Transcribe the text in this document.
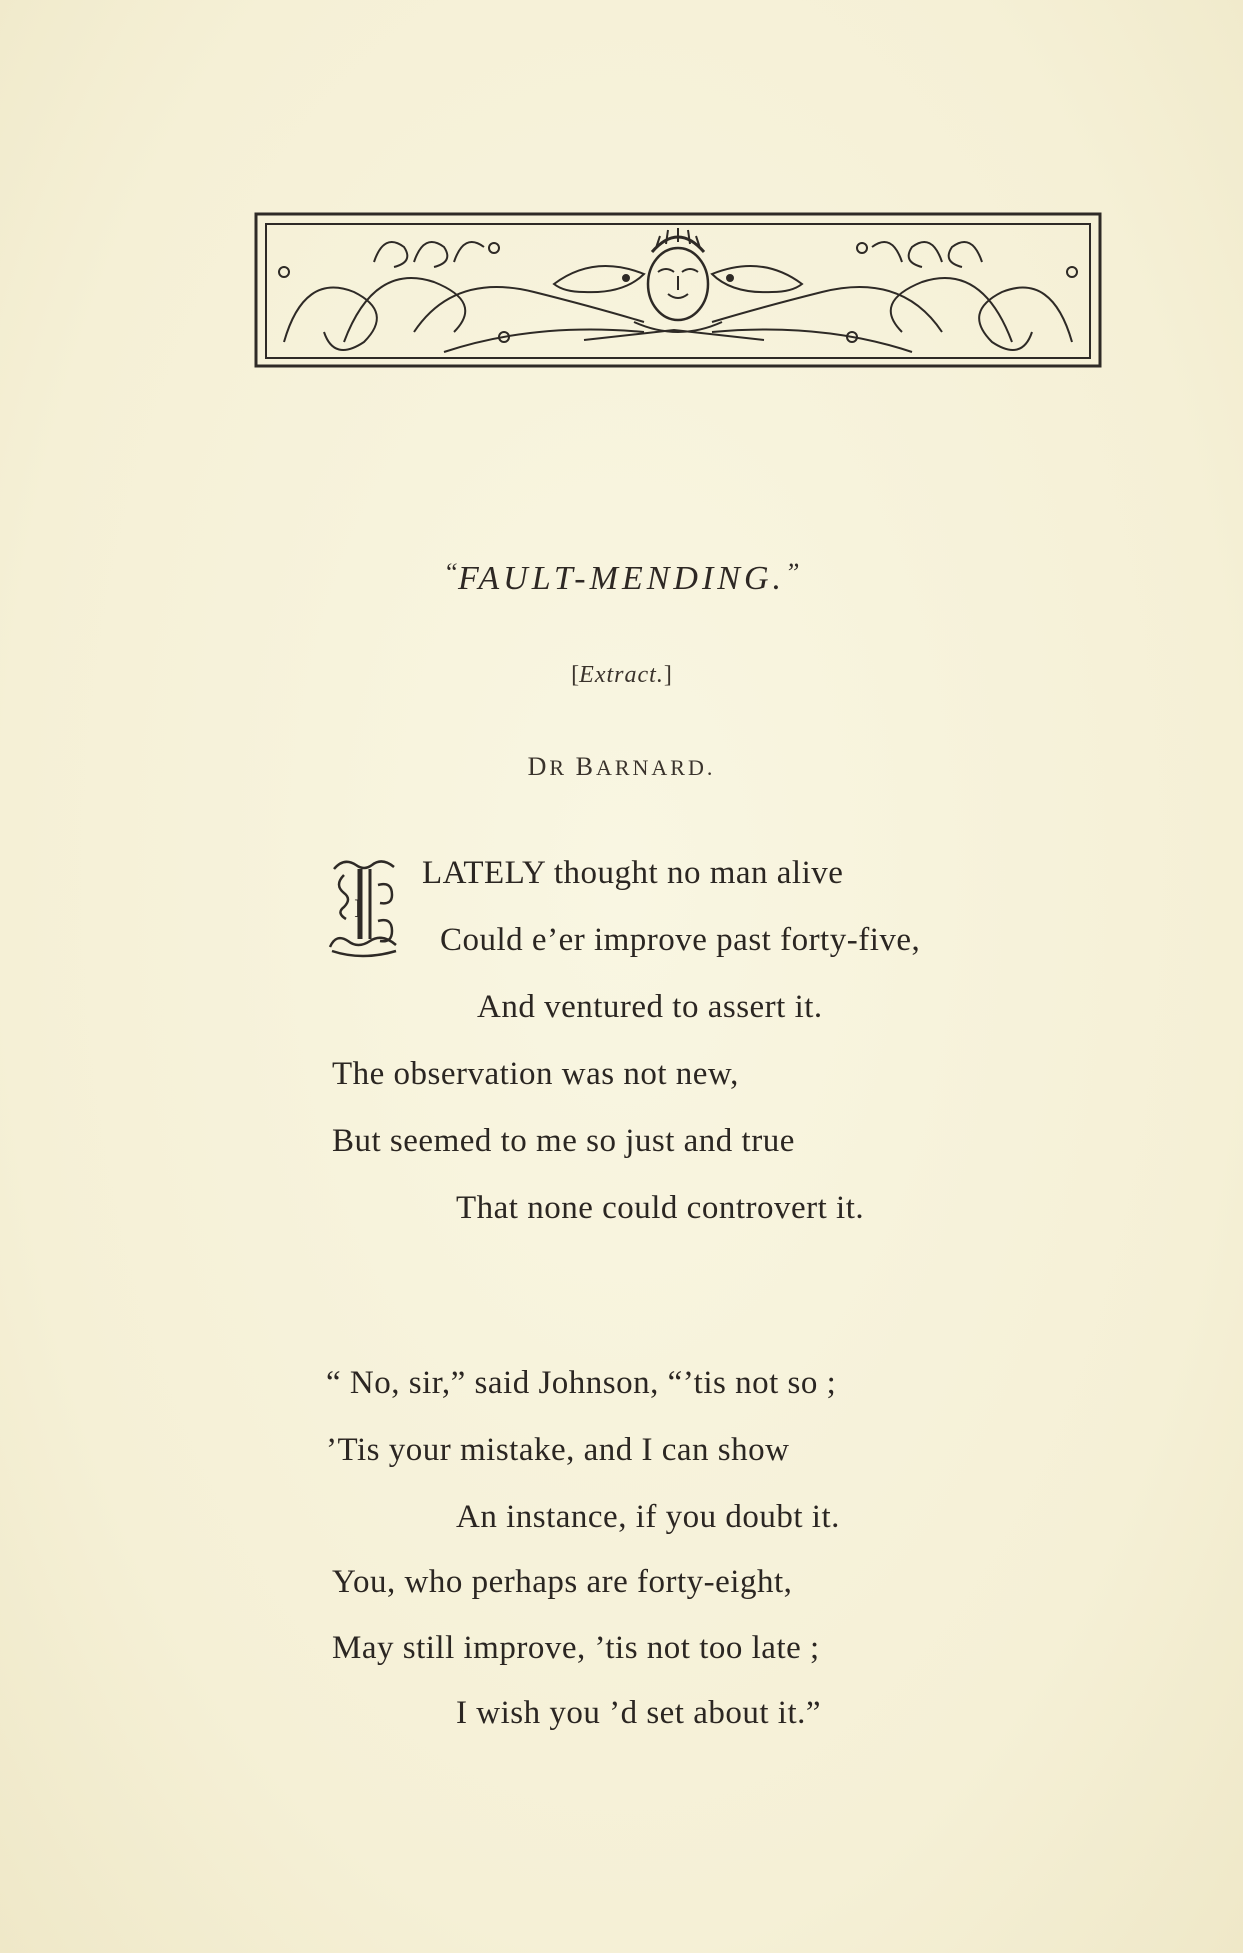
“FAULT-MENDING.”
[Extract.]
DR BARNARD.
I
LATELY thought no man alive
Could e’er improve past forty-five,
And ventured to assert it.
The observation was not new,
But seemed to me so just and true
That none could controvert it.
“ No, sir,” said Johnson, “’tis not so ;
’Tis your mistake, and I can show
An instance, if you doubt it.
You, who perhaps are forty-eight,
May still improve, ’tis not too late ;
I wish you ’d set about it.”
